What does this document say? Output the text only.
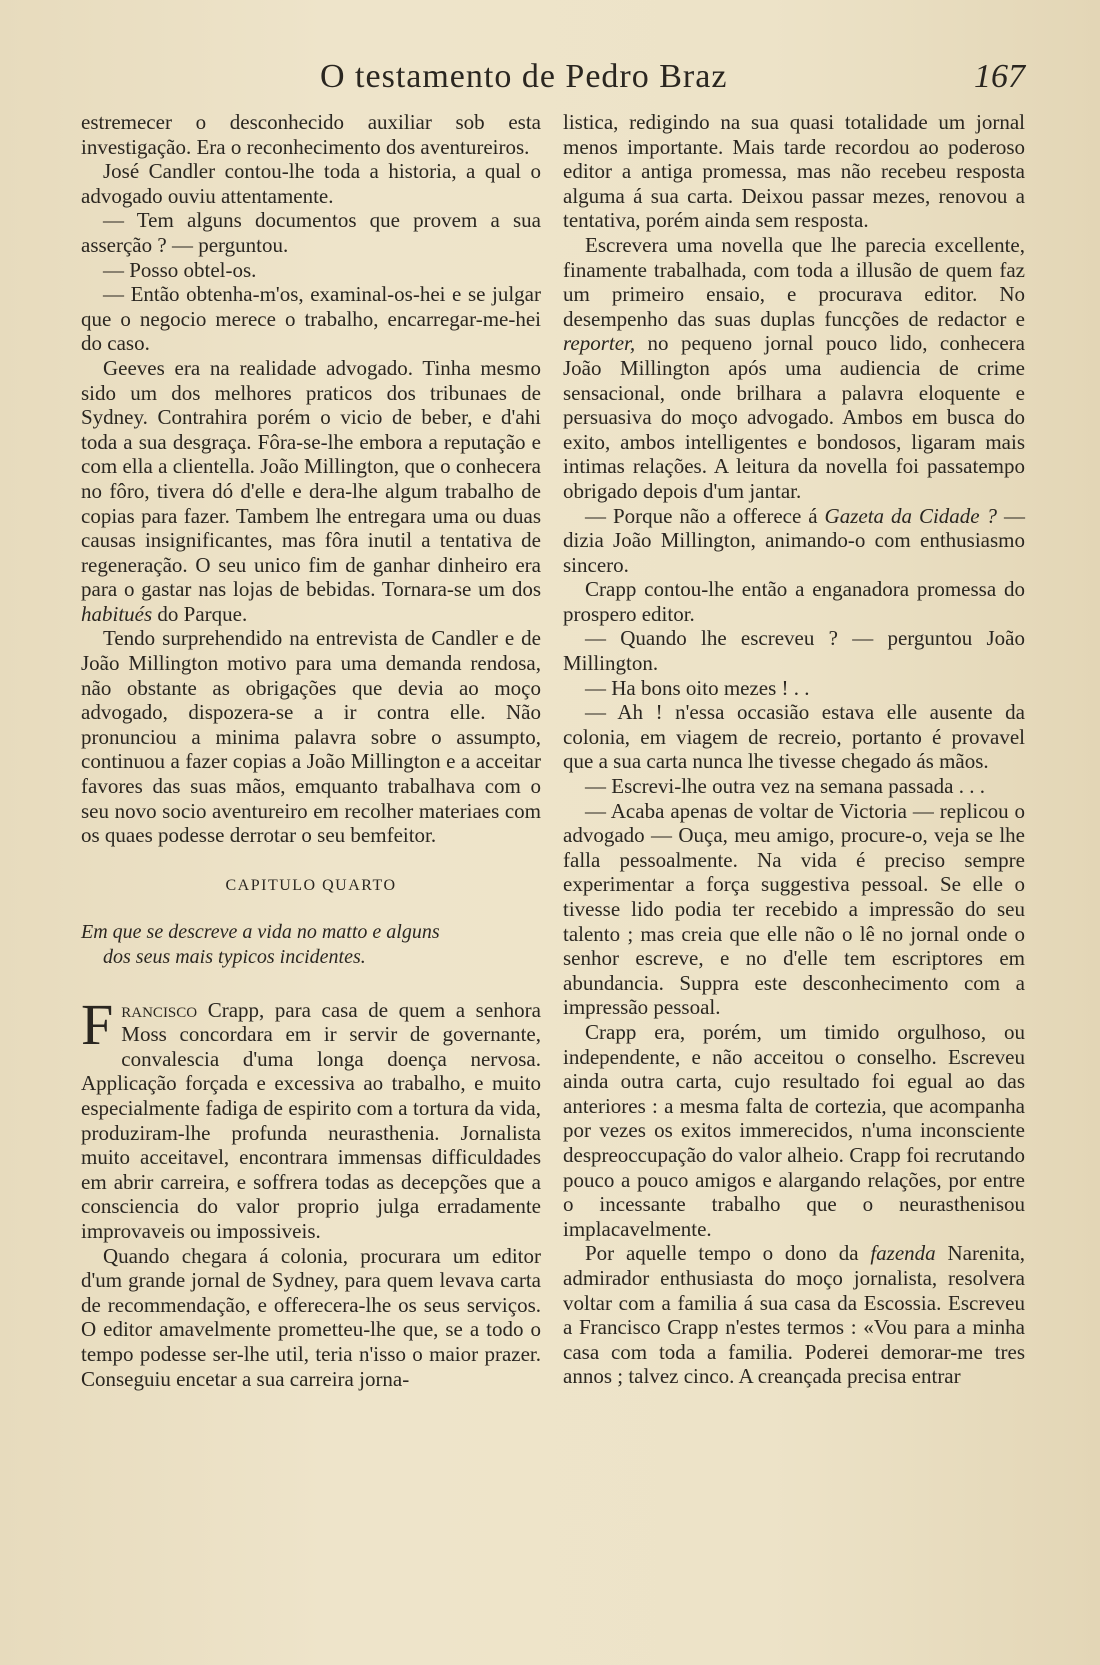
O testamento de Pedro Braz	167

estremecer o desconhecido auxiliar sob esta investigação. Era o reconhecimento dos aventureiros.

José Candler contou-lhe toda a historia, a qual o advogado ouviu attentamente.

— Tem alguns documentos que provem a sua asserção ? — perguntou.

— Posso obtel-os.

— Então obtenha-m'os, examinal-os-hei e se julgar que o negocio merece o trabalho, encarregar-me-hei do caso.

Geeves era na realidade advogado. Tinha mesmo sido um dos melhores praticos dos tribunaes de Sydney. Contrahira porém o vicio de beber, e d'ahi toda a sua desgraça. Fôra-se-lhe embora a reputação e com ella a clientella. João Millington, que o conhecera no fôro, tivera dó d'elle e dera-lhe algum trabalho de copias para fazer. Tambem lhe entregara uma ou duas causas insignificantes, mas fôra inutil a tentativa de regeneração. O seu unico fim de ganhar dinheiro era para o gastar nas lojas de bebidas. Tornara-se um dos habitués do Parque.

Tendo surprehendido na entrevista de Candler e de João Millington motivo para uma demanda rendosa, não obstante as obrigações que devia ao moço advogado, dispozera-se a ir contra elle. Não pronunciou a minima palavra sobre o assumpto, continuou a fazer copias a João Millington e a acceitar favores das suas mãos, emquanto trabalhava com o seu novo socio aventureiro em recolher materiaes com os quaes podesse derrotar o seu bemfeitor.

CAPITULO QUARTO
Em que se descreve a vida no matto e alguns
dos seus mais typicos incidentes.

Francisco Crapp, para casa de quem a senhora Moss concordara em ir servir de governante, convalescia d'uma longa doença nervosa. Applicação forçada e excessiva ao trabalho, e muito especialmente fadiga de espirito com a tortura da vida, produziram-lhe profunda neurasthenia. Jornalista muito acceitavel, encontrara immensas difficuldades em abrir carreira, e soffrera todas as decepções que a consciencia do valor proprio julga erradamente improvaveis ou impossiveis.

Quando chegara á colonia, procurara um editor d'um grande jornal de Sydney, para quem levava carta de recommendação, e offerecera-lhe os seus serviços. O editor amavelmente prometteu-lhe que, se a todo o tempo podesse ser-lhe util, teria n'isso o maior prazer. Conseguiu encetar a sua carreira jorna-

listica, redigindo na sua quasi totalidade um jornal menos importante. Mais tarde recordou ao poderoso editor a antiga promessa, mas não recebeu resposta alguma á sua carta. Deixou passar mezes, renovou a tentativa, porém ainda sem resposta.

Escrevera uma novella que lhe parecia excellente, finamente trabalhada, com toda a illusão de quem faz um primeiro ensaio, e procurava editor. No desempenho das suas duplas funcções de redactor e reporter, no pequeno jornal pouco lido, conhecera João Millington após uma audiencia de crime sensacional, onde brilhara a palavra eloquente e persuasiva do moço advogado. Ambos em busca do exito, ambos intelligentes e bondosos, ligaram mais intimas relações. A leitura da novella foi passatempo obrigado depois d'um jantar.

— Porque não a offerece á Gazeta da Cidade ? — dizia João Millington, animando-o com enthusiasmo sincero.

Crapp contou-lhe então a enganadora promessa do prospero editor.

— Quando lhe escreveu ? — perguntou João Millington.

— Ha bons oito mezes ! . .

— Ah ! n'essa occasião estava elle ausente da colonia, em viagem de recreio, portanto é provavel que a sua carta nunca lhe tivesse chegado ás mãos.

— Escrevi-lhe outra vez na semana passada . . .

— Acaba apenas de voltar de Victoria — replicou o advogado — Ouça, meu amigo, procure-o, veja se lhe falla pessoalmente. Na vida é preciso sempre experimentar a força suggestiva pessoal. Se elle o tivesse lido podia ter recebido a impressão do seu talento ; mas creia que elle não o lê no jornal onde o senhor escreve, e no d'elle tem escriptores em abundancia. Suppra este desconhecimento com a impressão pessoal.

Crapp era, porém, um timido orgulhoso, ou independente, e não acceitou o conselho. Escreveu ainda outra carta, cujo resultado foi egual ao das anteriores : a mesma falta de cortezia, que acompanha por vezes os exitos immerecidos, n'uma inconsciente despreoccupação do valor alheio. Crapp foi recrutando pouco a pouco amigos e alargando relações, por entre o incessante trabalho que o neurasthenisou implacavelmente.

Por aquelle tempo o dono da fazenda Narenita, admirador enthusiasta do moço jornalista, resolvera voltar com a familia á sua casa da Escossia. Escreveu a Francisco Crapp n'estes termos : «Vou para a minha casa com toda a familia. Poderei demorar-me tres annos ; talvez cinco. A creançada precisa entrar
